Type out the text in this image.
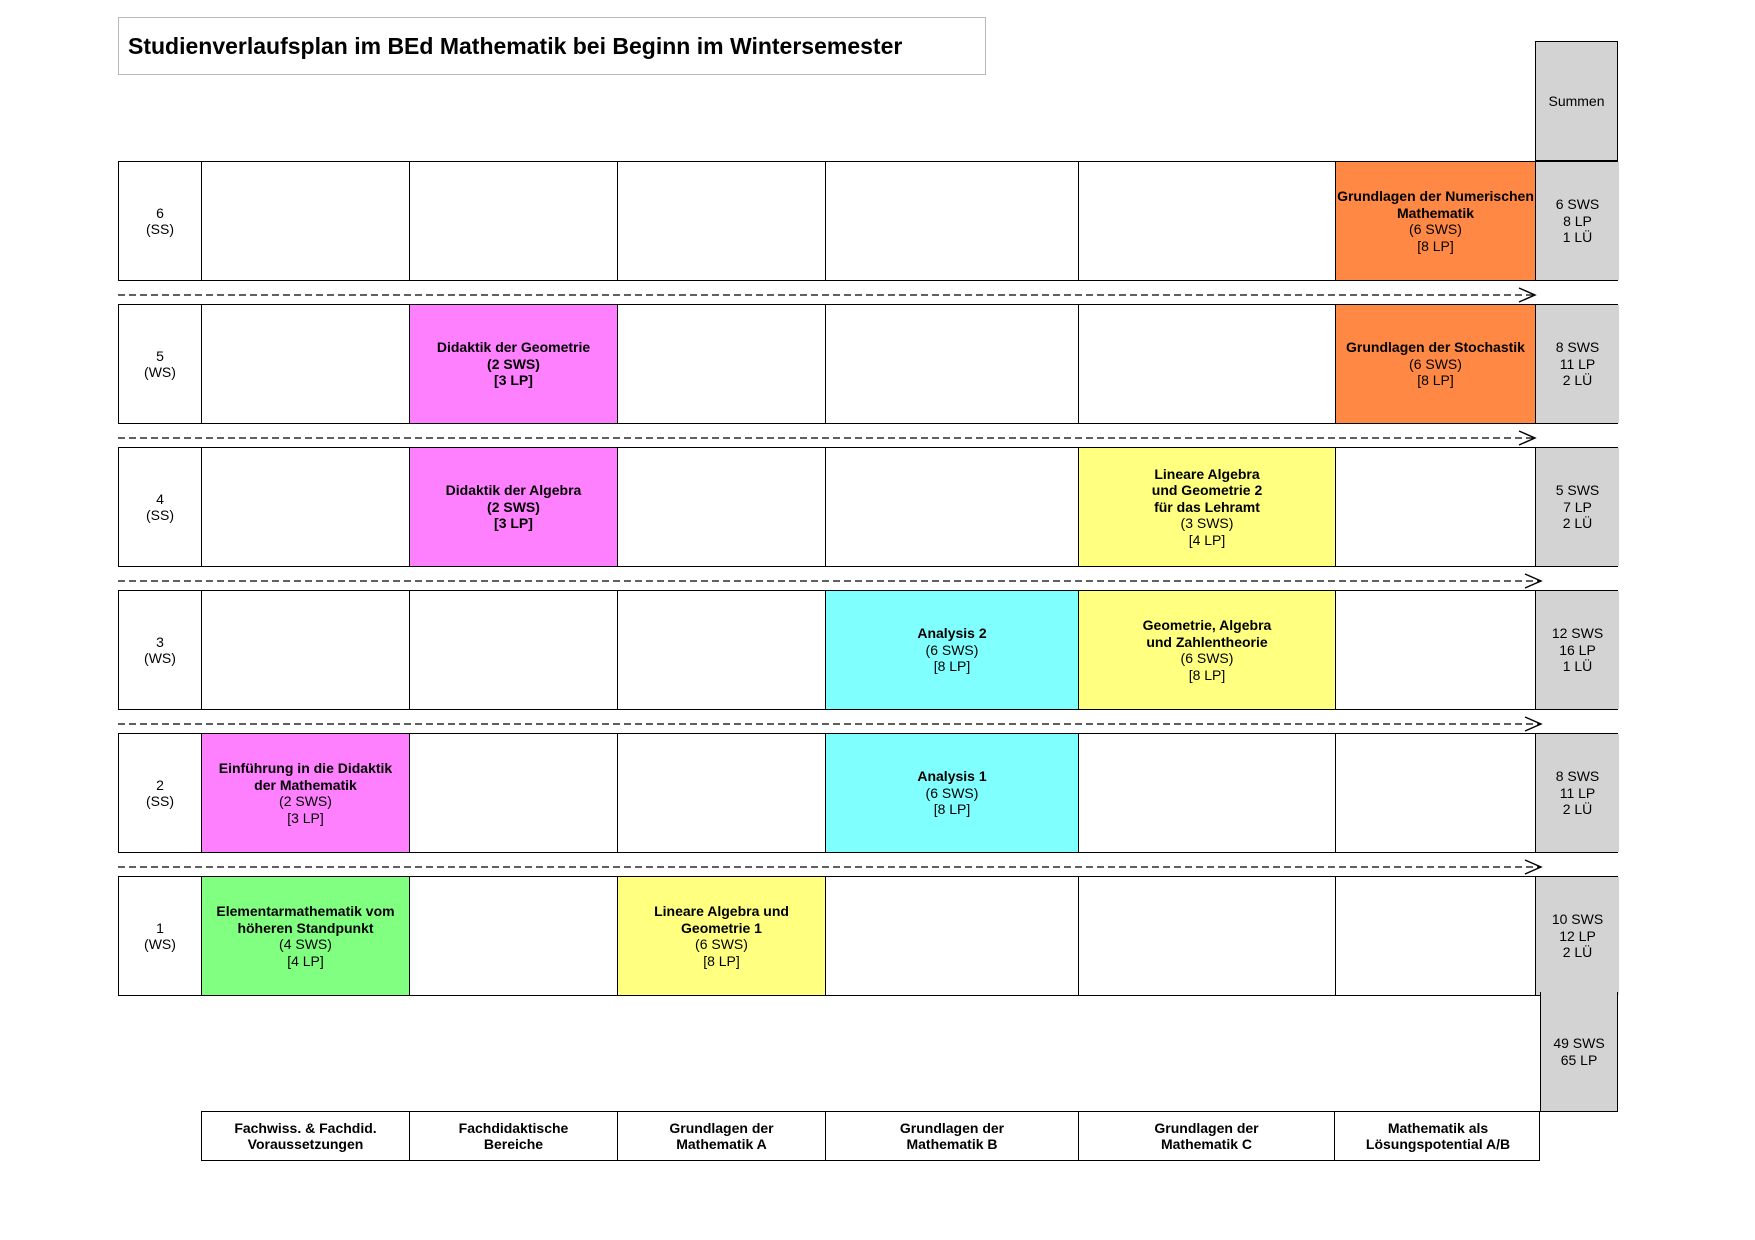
Studienverlaufsplan im BEd Mathematik bei Beginn im Wintersemester
Summen
6
(SS)
Grundlagen der Numerischen
Mathematik
(6 SWS)
[8 LP]
6 SWS
8 LP
1 LÜ
5
(WS)
Didaktik der Geometrie
(2 SWS)
[3 LP]
Grundlagen der Stochastik
(6 SWS)
[8 LP]
8 SWS
11 LP
2 LÜ
4
(SS)
Didaktik der Algebra
(2 SWS)
[3 LP]
Lineare Algebra
und Geometrie 2
für das Lehramt
(3 SWS)
[4 LP]
5 SWS
7 LP
2 LÜ
3
(WS)
Analysis 2
(6 SWS)
[8 LP]
Geometrie, Algebra
und Zahlentheorie
(6 SWS)
[8 LP]
12 SWS
16 LP
1 LÜ
2
(SS)
Einführung in die Didaktik
der Mathematik
(2 SWS)
[3 LP]
Analysis 1
(6 SWS)
[8 LP]
8 SWS
11 LP
2 LÜ
1
(WS)
Elementarmathematik vom
höheren Standpunkt
(4 SWS)
[4 LP]
Lineare Algebra und
Geometrie 1
(6 SWS)
[8 LP]
10 SWS
12 LP
2 LÜ
49 SWS
65 LP
Fachwiss. & Fachdid.
Voraussetzungen
Fachdidaktische
Bereiche
Grundlagen der
Mathematik A
Grundlagen der
Mathematik B
Grundlagen der
Mathematik C
Mathematik als
Lösungspotential A/B
